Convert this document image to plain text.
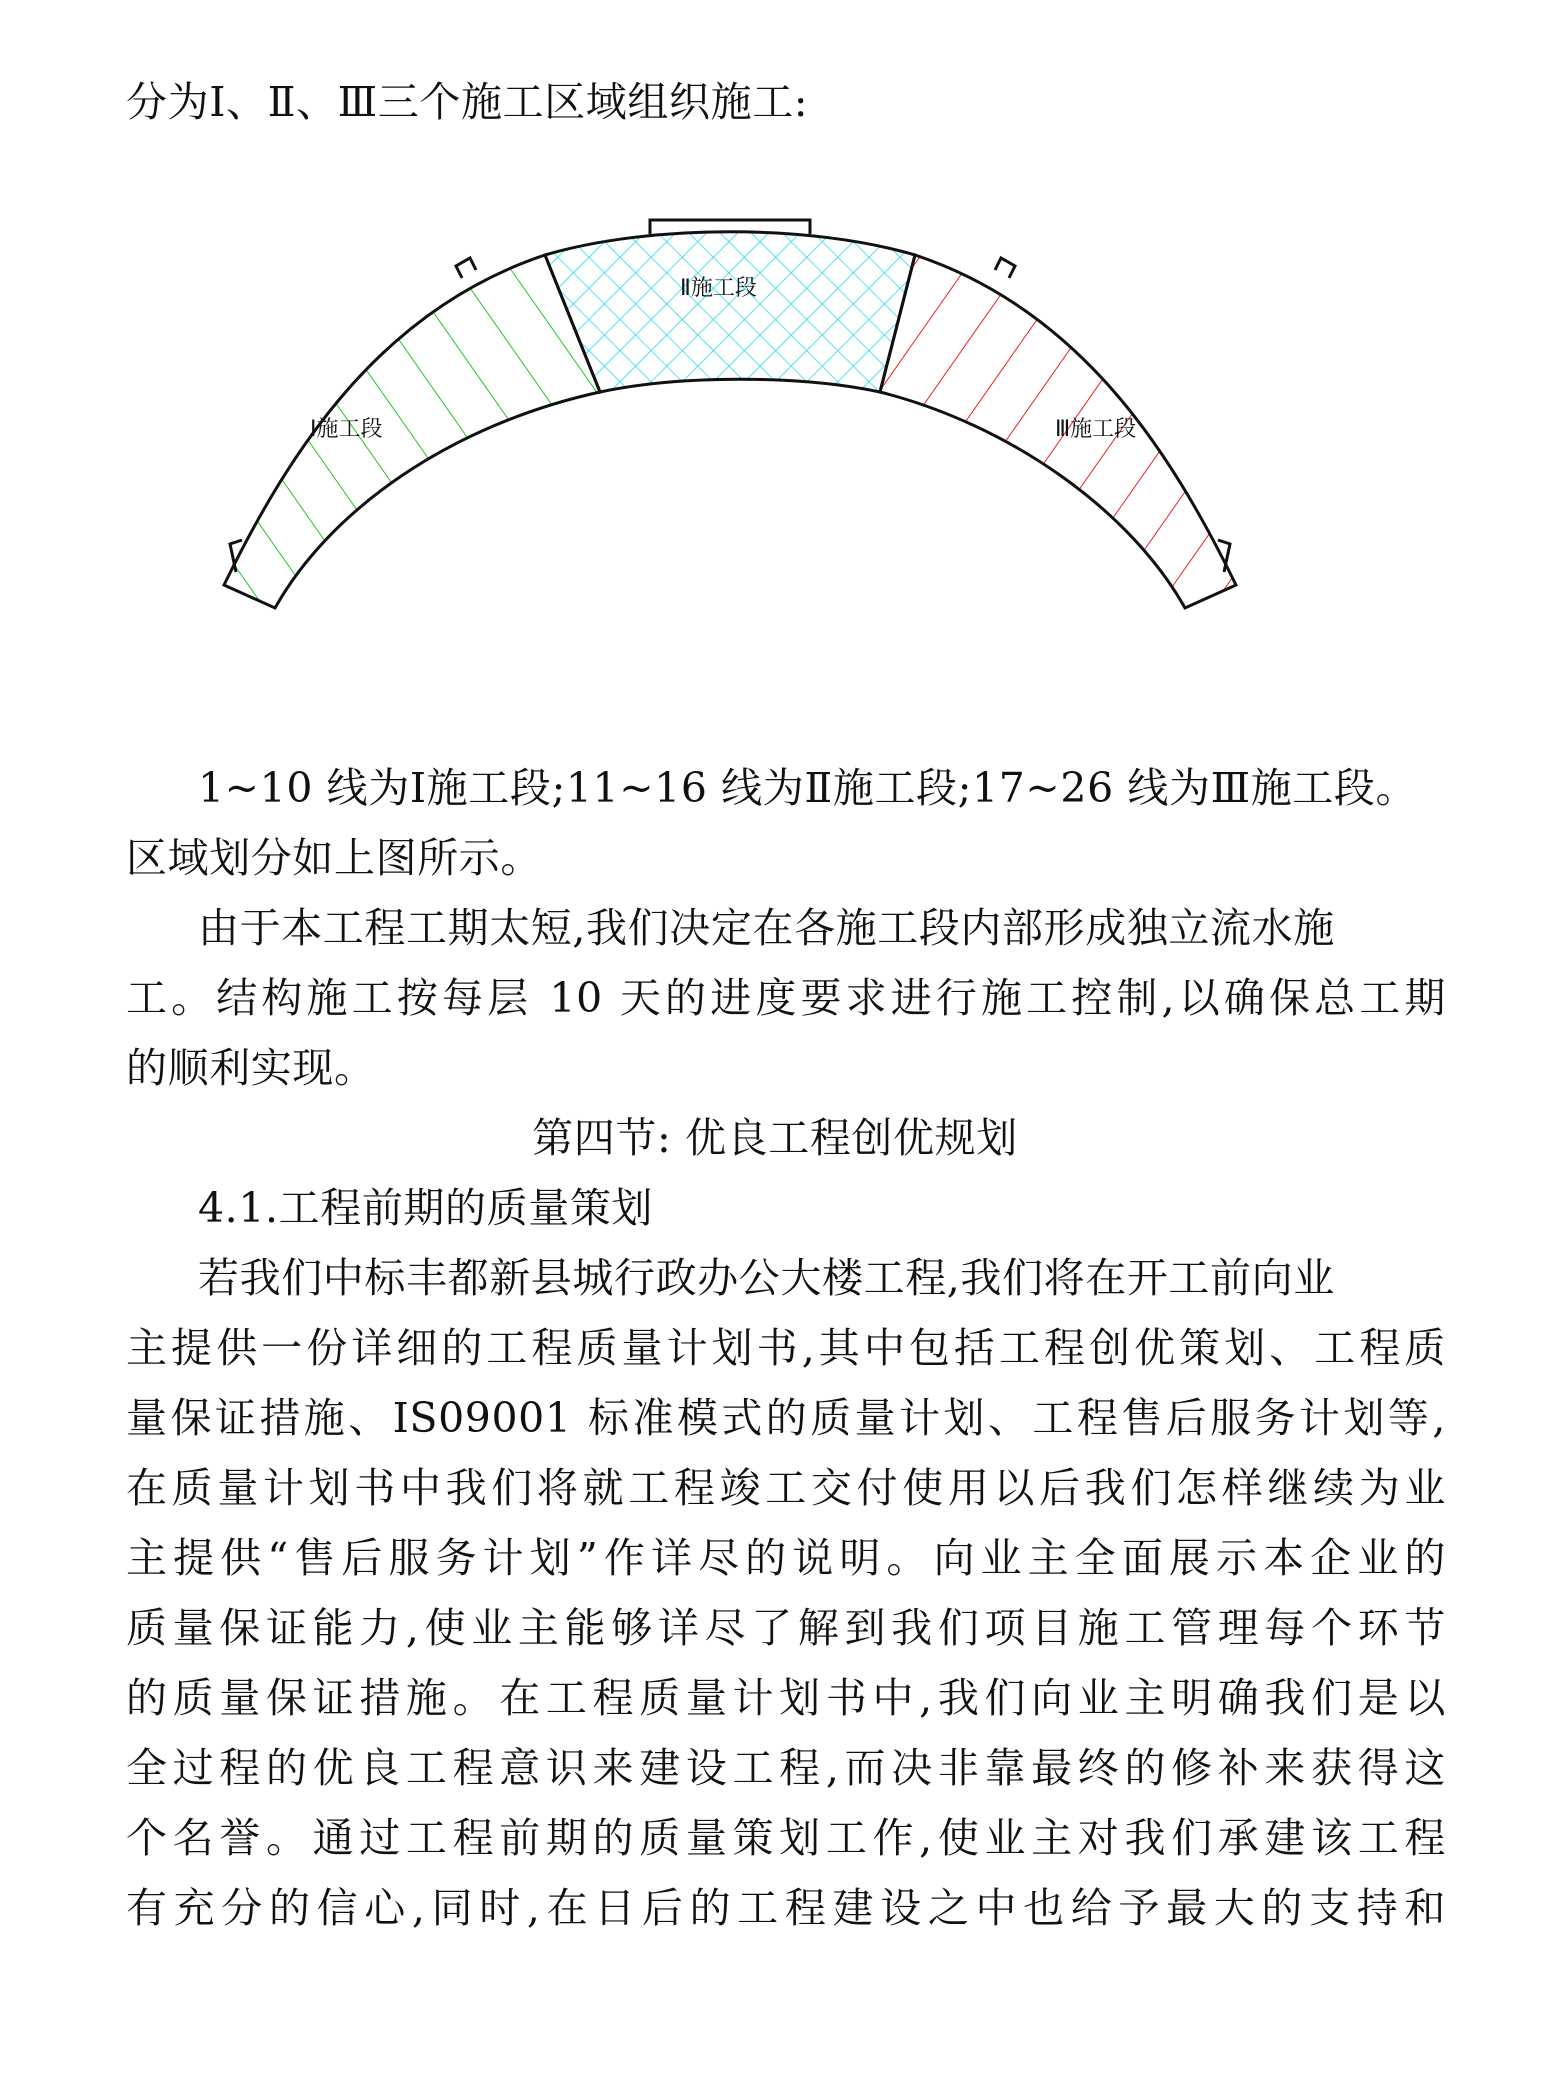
分为Ⅰ、Ⅱ、Ⅲ三个施工区域组织施工:
Ⅰ施工段
Ⅱ施工段
Ⅲ施工段
1~10 线为Ⅰ施工段;11~16 线为Ⅱ施工段;17~26 线为Ⅲ施工段。
区域划分如上图所示。
由于本工程工期太短,我们决定在各施工段内部形成独立流水施
工。结构施工按每层 10 天的进度要求进行施工控制,以确保总工期
的顺利实现。
第四节: 优良工程创优规划
4.1.工程前期的质量策划
若我们中标丰都新县城行政办公大楼工程,我们将在开工前向业
主提供一份详细的工程质量计划书,其中包括工程创优策划、工程质
量保证措施、IS09001 标准模式的质量计划、工程售后服务计划等,
在质量计划书中我们将就工程竣工交付使用以后我们怎样继续为业
主提供“售后服务计划”作详尽的说明。向业主全面展示本企业的
质量保证能力,使业主能够详尽了解到我们项目施工管理每个环节
的质量保证措施。在工程质量计划书中,我们向业主明确我们是以
全过程的优良工程意识来建设工程,而决非靠最终的修补来获得这
个名誉。通过工程前期的质量策划工作,使业主对我们承建该工程
有充分的信心,同时,在日后的工程建设之中也给予最大的支持和
